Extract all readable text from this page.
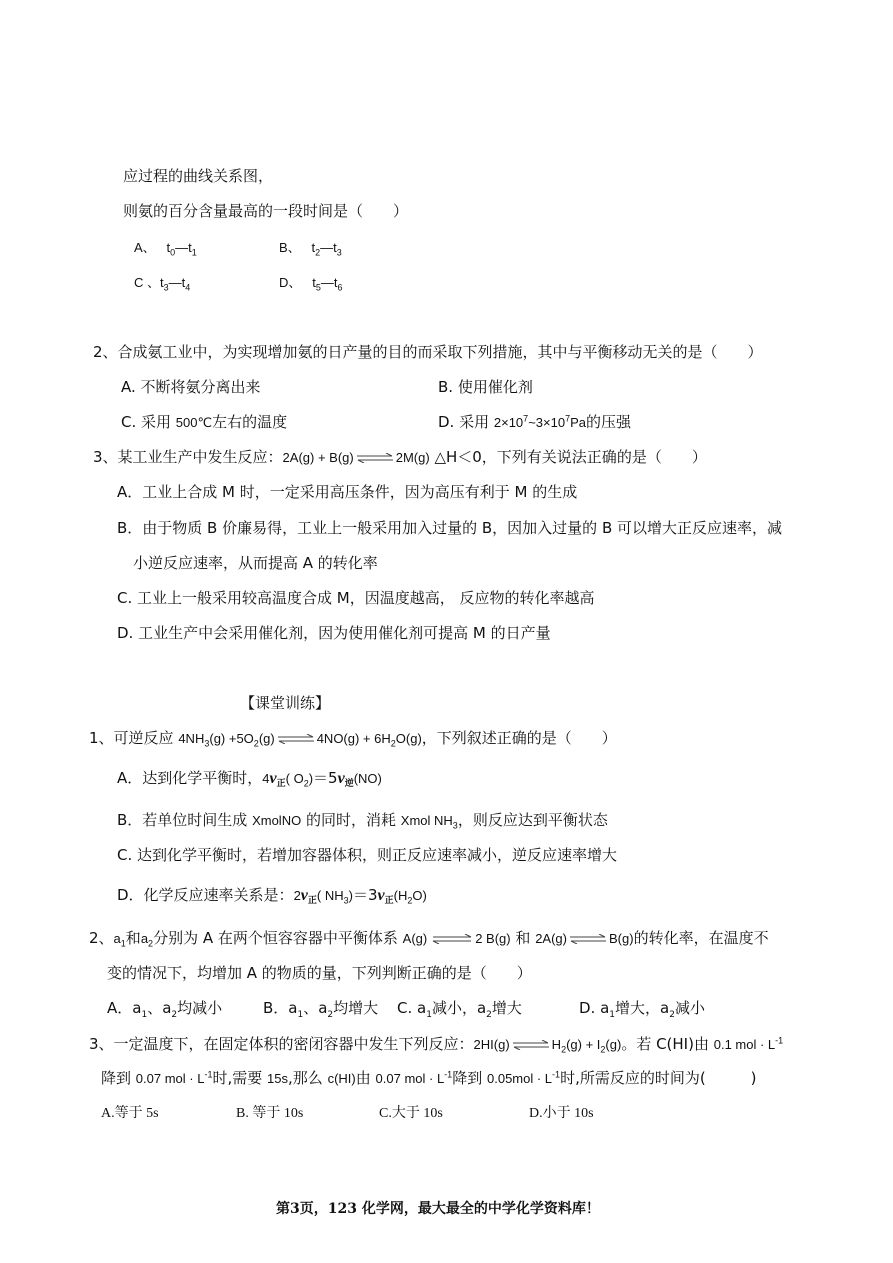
应过程的曲线关系图，
则氨的百分含量最高的一段时间是（　　）
A、 $t_0—t_1$	B、 $t_2—t_3$
C 、$t_3—t_4$	D、 $t_5—t_6$
2、合成氨工业中，为实现增加氨的日产量的目的而采取下列措施，其中与平衡移动无关的是（　　）
A. 不断将氨分离出来	B. 使用催化剂
C. 采用 500℃左右的温度	D. 采用 $2\times 10^7\sim 3\times 10^7Pa$的压强
3、某工业生产中发生反应：2A(g) + B(g) ⇌ 2M(g) △H＜0，下列有关说法正确的是（　　）
A．工业上合成 M 时，一定采用高压条件，因为高压有利于 M 的生成
B．由于物质 B 价廉易得，工业上一般采用加入过量的 B，因加入过量的 B 可以增大正反应速率，减
小逆反应速率，从而提高 A 的转化率
C. 工业上一般采用较高温度合成 M，因温度越高， 反应物的转化率越高
D. 工业生产中会采用催化剂，因为使用催化剂可提高 M 的日产量
【课堂训练】
1、可逆反应 $4NH_3(g) +5O_2(g)$ ⇌ $4NO(g) + 6H_2O(g)$，下列叙述正确的是（　　）
A．达到化学平衡时，$4v_正$( $O_2)=5v_逆(NO)$
B．若单位时间生成 XmolNO 的同时，消耗 Xmol $NH_3$，则反应达到平衡状态
C. 达到化学平衡时，若增加容器体积，则正反应速率减小，逆反应速率增大
D．化学反应速率关系是：$2v_正$( $NH_3)=3v_正(H_2O)$
2、$a_1$和$a_2$分别为 A 在两个恒容容器中平衡体系 A(g) ⇌ 2 B(g) 和 2A(g) ⇌ B(g)的转化率，在温度不
变的情况下，均增加 A 的物质的量，下列判断正确的是（　　）
A．$a_1$、$a_2$均减小	B．$a_1$、$a_2$均增大 C. $a_1$减小，$a_2$增大	D. $a_1$增大，$a_2$减小
3、一定温度下，在固定体积的密闭容器中发生下列反应：2HI(g) ⇌ $H_2(g) + I_2(g)$。若 C(HI)由 0.1 mol · $L^{-1}$
降到 0.07 mol · $L^{-1}$时,需要 15s,那么 c(HI)由 0.07 mol · $L^{-1}$降到 $0.05mol \cdot L^{-1}$时,所需反应的时间为(　　　)
A.等于 5s	B. 等于 10s	C.大于 10s	D.小于 10s
第3页，123 化学网，最大最全的中学化学资料库！
